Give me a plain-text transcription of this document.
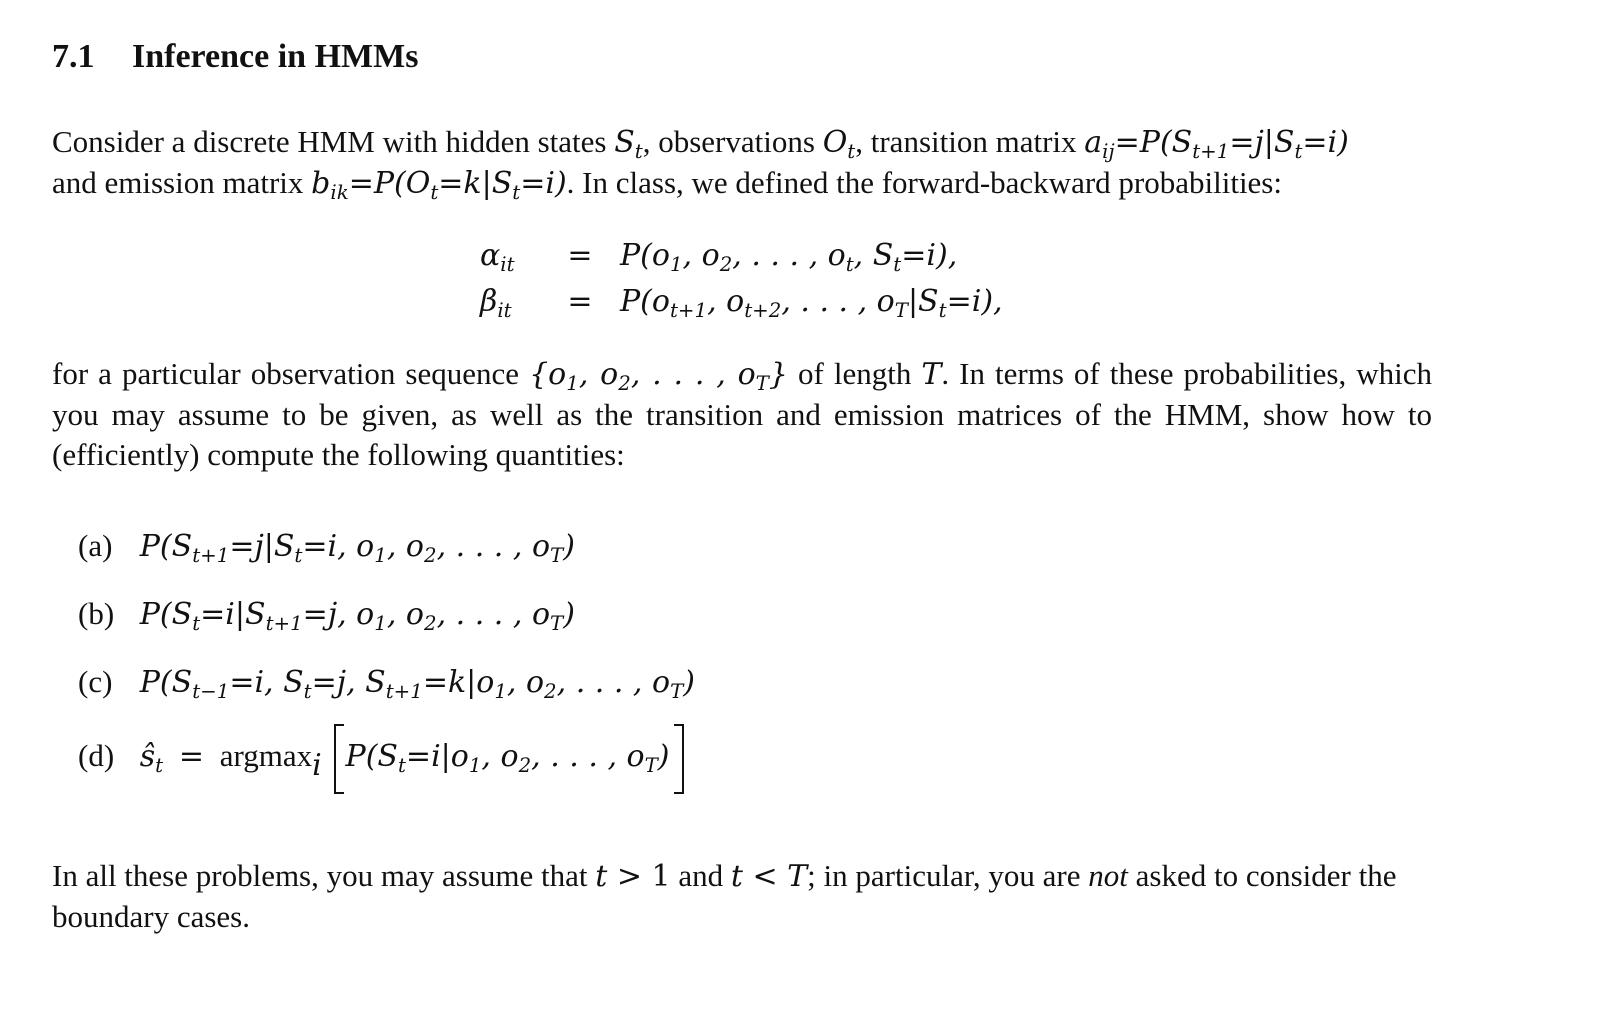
7.1 Inference in HMMs
Consider a discrete HMM with hidden states $S_t$, observations $O_t$, transition matrix $a_{ij}=P(S_{t+1}=j|S_t=i)$
and emission matrix $b_{ik}=P(O_t=k|S_t=i)$. In class, we defined the forward-backward probabilities:
$\alpha_{it}$	=	$P(o_1$, $o_2$, . . . , $o_t$, $S_t=i$),
$\beta_{it}$	=	$P(o_{t+1}$, $o_{t+2}$, . . . , $o_T|S_t=i$),
for a particular observation sequence {$o_1$, $o_2$, . . . , $o_T$} of length T. In terms of these probabilities, which
you may assume to be given, as well as the transition and emission matrices of the HMM, show how to
(efficiently) compute the following quantities:
(a) $P(S_{t+1}=j|S_t=i$, $o_1$, $o_2$, . . . , $o_T$)
(b) $P(S_t=i|S_{t+1}=j$, $o_1$, $o_2$, . . . , $o_T$)
(c) $P(S_{t-1}=i$, $S_t=j$, $S_{t+1}=k|o_1$, $o_2$, . . . , $o_T$)
(d) $ŝ_t = argmax_i$ $P(S_t=i|o_1$, $o_2$, . . . , $o_T$)
In all these problems, you may assume that t > 1 and t < T; in particular, you are not asked to consider the
boundary cases.
